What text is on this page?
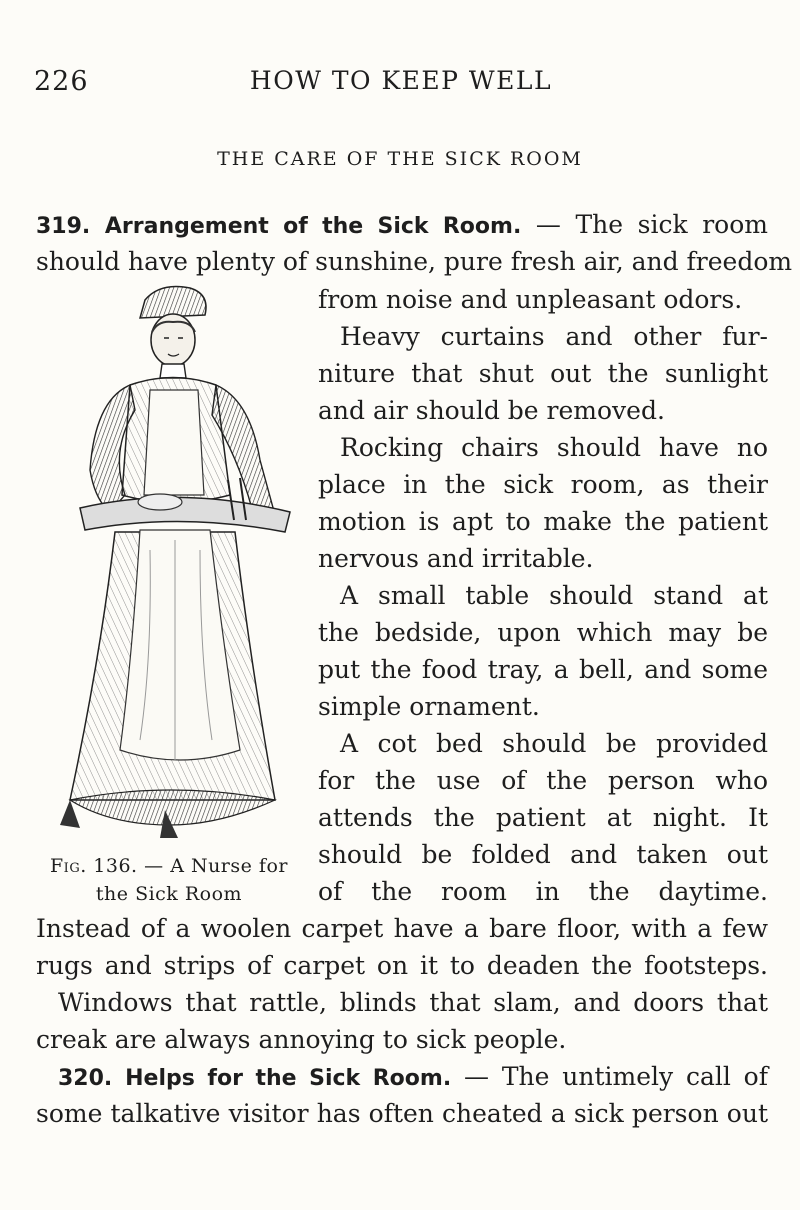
226	HOW TO KEEP WELL
THE CARE OF THE SICK ROOM
319. Arrangement of the Sick Room. — The sick room
should have plenty of sunshine, pure fresh air, and freedom
from noise and unpleasant odors.
Heavy curtains and other fur-
niture that shut out the sunlight
and air should be removed.
Rocking chairs should have no
place in the sick room, as their
motion is apt to make the patient
nervous and irritable.
A small table should stand at
the bedside, upon which may be
put the food tray, a bell, and some
simple ornament.
A cot bed should be provided
for the use of the person who
attends the patient at night. It
should be folded and taken out
of the room in the daytime.
Instead of a woolen carpet have a bare floor, with a few
rugs and strips of carpet on it to deaden the footsteps.
Windows that rattle, blinds that slam, and doors that
creak are always annoying to sick people.
320. Helps for the Sick Room. — The untimely call of
some talkative visitor has often cheated a sick person out
Fig. 136. — A Nurse for
the Sick Room
